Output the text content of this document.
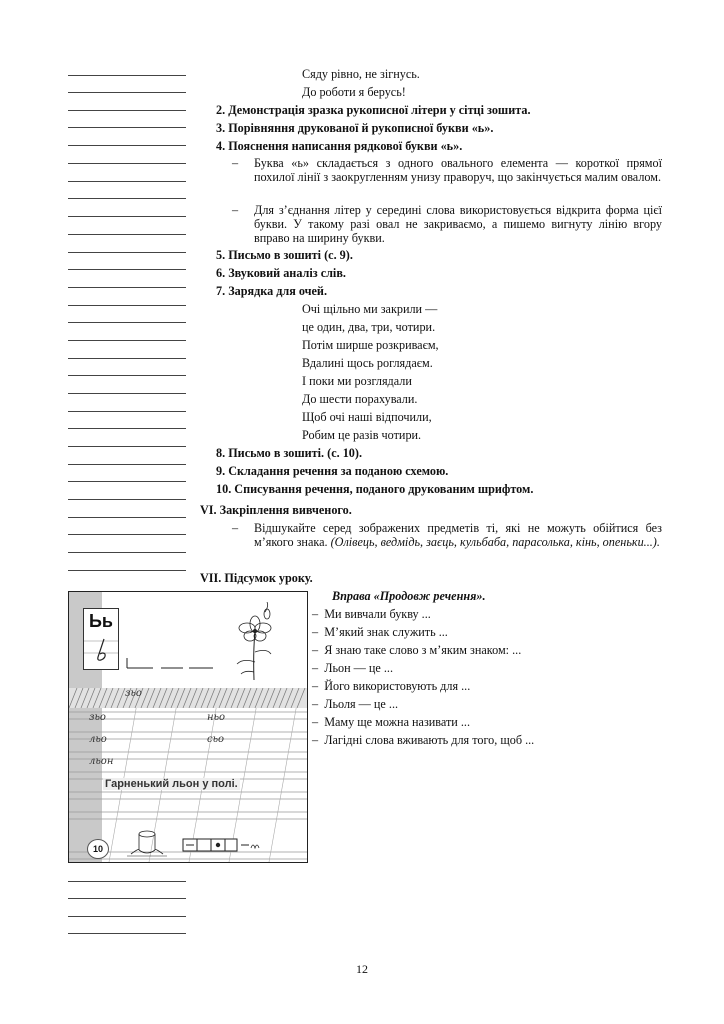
Сяду рівно, не зігнусь.
До роботи я берусь!
2. Демонстрація зразка рукописної літери у сітці зошита.
3. Порівняння друкованої й рукописної букви «ь».
4. Пояснення написання рядкової букви «ь».
– Буква «ь» складається з одного овального елемента — короткої прямої похилої лінії з заокругленням унизу праворуч, що закінчується малим овалом.
– Для з’єднання літер у середині слова використовується відкрита форма цієї букви. У такому разі овал не закриваємо, а пишемо вигнуту лінію вгору вправо на ширину букви.
5. Письмо в зошиті (с. 9).
6. Звуковий аналіз слів.
7. Зарядка для очей.
Очі щільно ми закрили —
це один, два, три, чотири.
Потім ширше розкриваєм,
Вдалині щось роглядаєм.
І поки ми розглядали
До шести порахували.
Щоб очі наші відпочили,
Робим це разів чотири.
8. Письмо в зошиті. (с. 10).
9. Складання речення за поданою схемою.
10. Списування речення, поданого друкованим шрифтом.
VI. Закріплення вивченого.
– Відшукайте серед зображених предметів ті, які не можуть обійтися без м’якого знака. (Олівець, ведмідь, заєць, кульбаба, парасолька, кінь, опеньки...).
VII. Підсумок уроку.
Вправа «Продовж речення».
–  Ми вивчали букву ...
–  М’який знак служить ...
–  Я знаю таке слово з м’яким знаком: ...
–  Льон — це ...
–  Його використовують для ...
–  Льоля — це ...
–  Маму ще можна називати ...
–  Лагідні слова вживають для того, щоб ...
Ьь
зьо
зьо	ньо
льо	сьо
льон
Гарненький льон у полі.
10
12
